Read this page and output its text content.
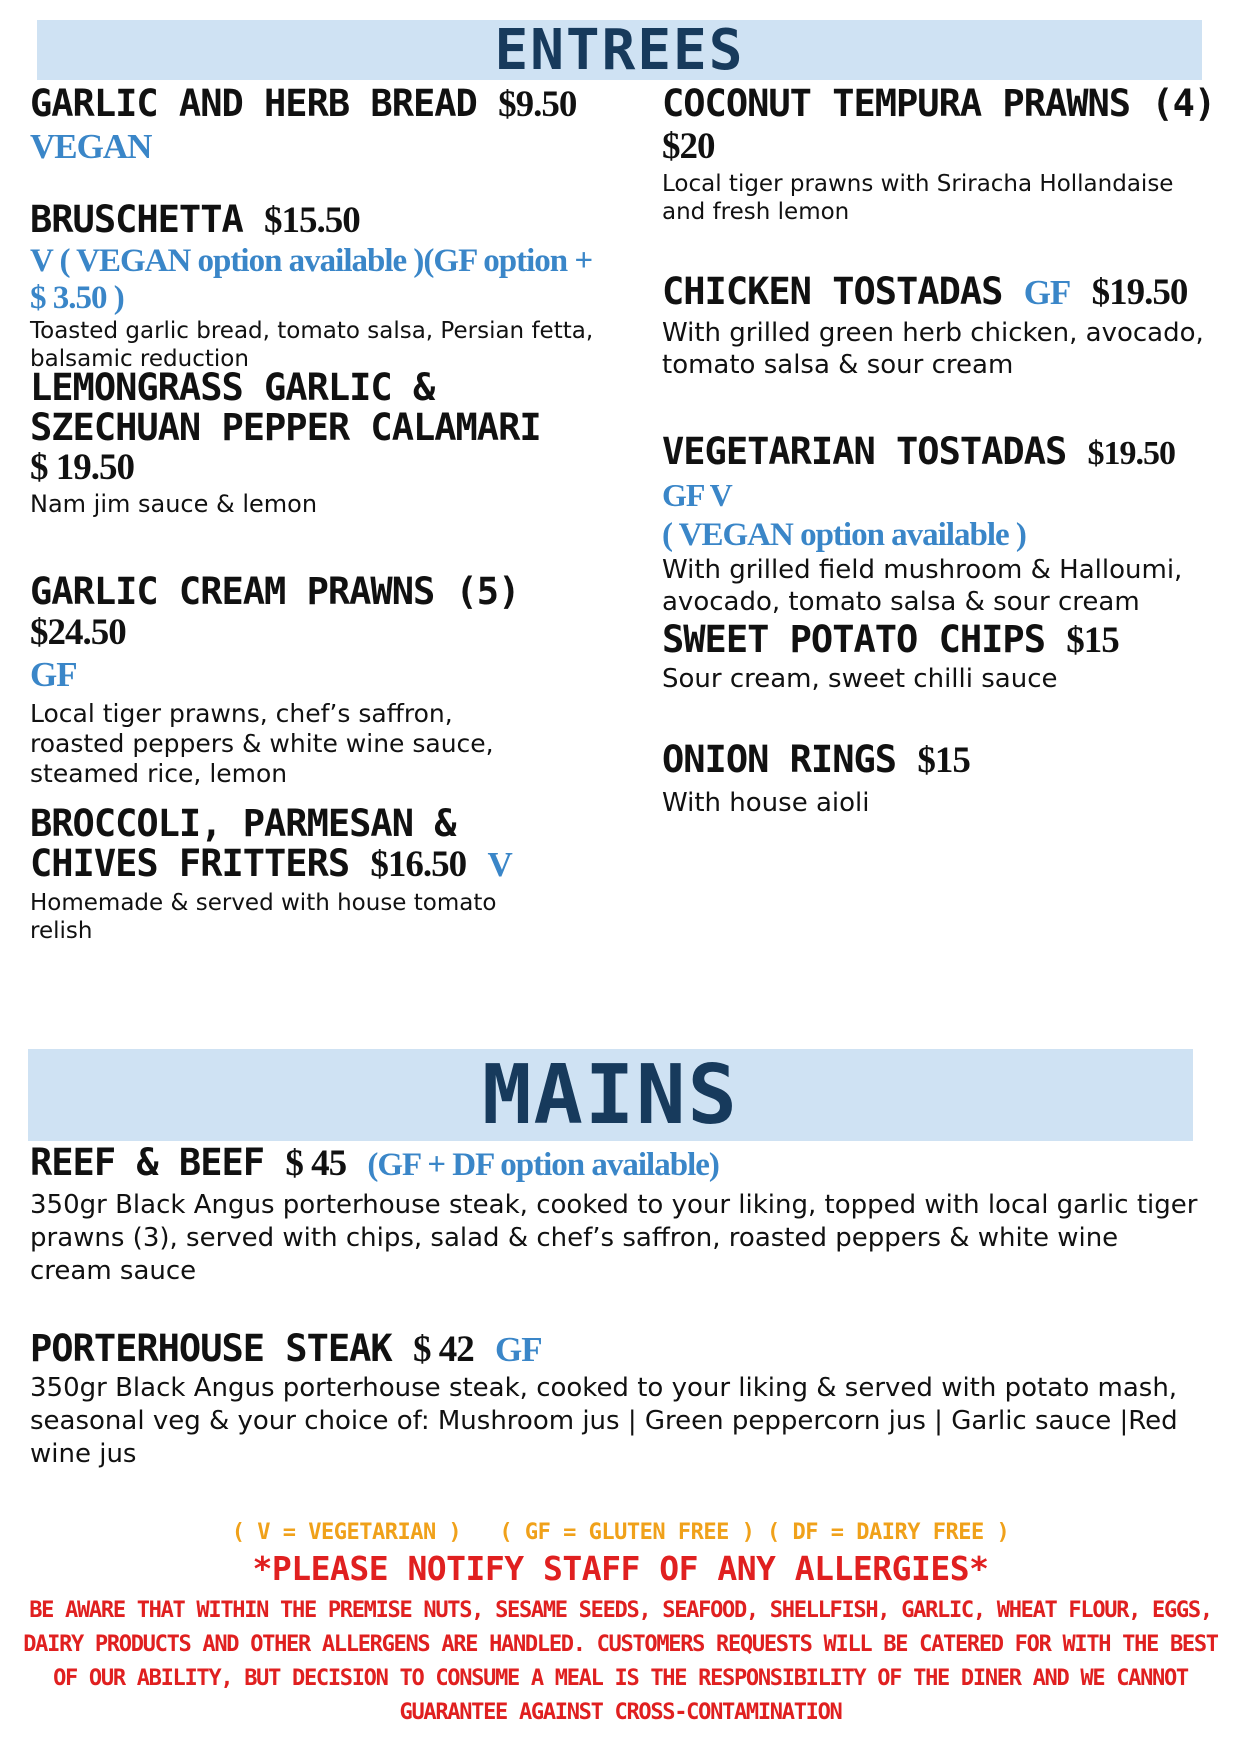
ENTREES
GARLIC AND HERB BREAD $9.50
VEGAN
BRUSCHETTA $15.50
V ( VEGAN option available )(GF option + $ 3.50 )
Toasted garlic bread, tomato salsa, Persian fetta, balsamic reduction
LEMONGRASS GARLIC & SZECHUAN PEPPER CALAMARI
$ 19.50
Nam jim sauce & lemon
GARLIC CREAM PRAWNS (5) $24.50
GF
Local tiger prawns, chef’s saffron, roasted peppers & white wine sauce, steamed rice, lemon
BROCCOLI, PARMESAN & CHIVES FRITTERS $16.50 V
Homemade & served with house tomato relish
COCONUT TEMPURA PRAWNS (4)
$20
Local tiger prawns with Sriracha Hollandaise and fresh lemon
CHICKEN TOSTADAS GF $19.50
With grilled green herb chicken, avocado, tomato salsa & sour cream
VEGETARIAN TOSTADAS $19.50 GF V
( VEGAN option available )
With grilled field mushroom & Halloumi, avocado, tomato salsa & sour cream
SWEET POTATO CHIPS $15
Sour cream, sweet chilli sauce
ONION RINGS $15
With house aioli
MAINS
REEF & BEEF $ 45 (GF + DF option available)
350gr Black Angus porterhouse steak, cooked to your liking, topped with local garlic tiger prawns (3), served with chips, salad & chef’s saffron, roasted peppers & white wine cream sauce
PORTERHOUSE STEAK $ 42 GF
350gr Black Angus porterhouse steak, cooked to your liking & served with potato mash, seasonal veg & your choice of: Mushroom jus | Green peppercorn jus | Garlic sauce |Red wine jus
( V = VEGETARIAN )   ( GF = GLUTEN FREE ) ( DF = DAIRY FREE )
*PLEASE NOTIFY STAFF OF ANY ALLERGIES*
BE AWARE THAT WITHIN THE PREMISE NUTS, SESAME SEEDS, SEAFOOD, SHELLFISH, GARLIC, WHEAT FLOUR, EGGS, DAIRY PRODUCTS AND OTHER ALLERGENS ARE HANDLED. CUSTOMERS REQUESTS WILL BE CATERED FOR WITH THE BEST OF OUR ABILITY, BUT DECISION TO CONSUME A MEAL IS THE RESPONSIBILITY OF THE DINER AND WE CANNOT GUARANTEE AGAINST CROSS-CONTAMINATION
